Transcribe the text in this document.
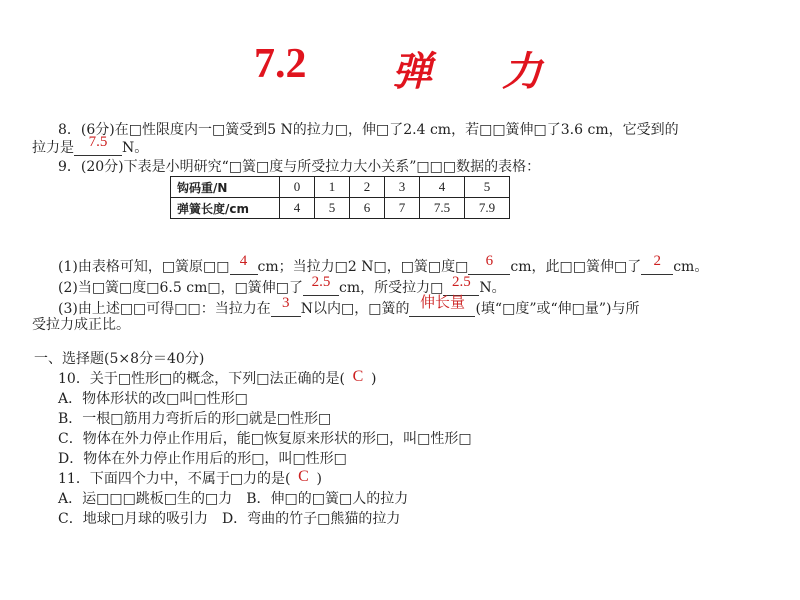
7.2 弹 力
8．(6分)在□性限度内一□簧受到5 N的拉力□，伸□了2.4 cm，若□□簧伸□了3.6 cm，它受到的
拉力是 7.5 N。
9．(20分)下表是小明研究“□簧□度与所受拉力大小关系”□□□数据的表格：
钩码重/N	0	1	2	3	4	5
弹簧长度/cm	4	5	6	7	7.5	7.9
(1)由表格可知，□簧原□□ 4 cm；当拉力□2 N□，□簧□度□ 6 cm，此□□簧伸□了 2 cm。
(2)当□簧□度□6.5 cm□，□簧伸□了 2.5 cm，所受拉力□ 2.5 N。
(3)由上述□□可得□□：当拉力在 3 N以内□，□簧的 伸长量 (填“□度”或“伸□量”)与所
受拉力成正比。
一、选择题(5×8分＝40分)
10．关于□性形□的概念，下列□法正确的是( C )
A．物体形状的改□叫□性形□
B．一根□筋用力弯折后的形□就是□性形□
C．物体在外力停止作用后，能□恢复原来形状的形□，叫□性形□
D．物体在外力停止作用后的形□，叫□性形□
11．下面四个力中，不属于□力的是( C )
A．运□□□跳板□生的□力　B．伸□的□簧□人的拉力
C．地球□月球的吸引力　D．弯曲的竹子□熊猫的拉力
